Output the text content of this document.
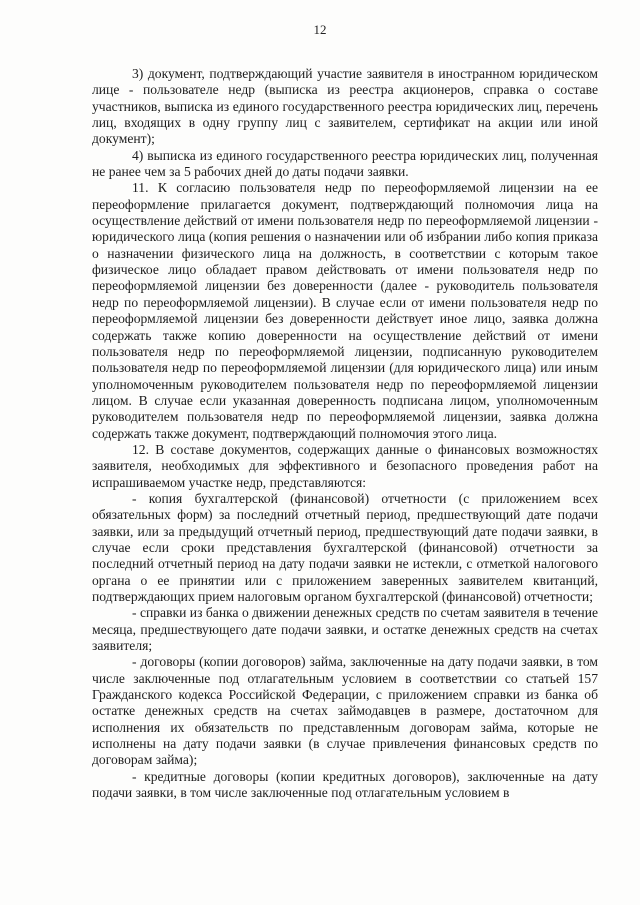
12

3) документ, подтверждающий участие заявителя в иностранном юридическом лице - пользователе недр (выписка из реестра акционеров, справка о составе участников, выписка из единого государственного реестра юридических лиц, перечень лиц, входящих в одну группу лиц с заявителем, сертификат на акции или иной документ);

4) выписка из единого государственного реестра юридических лиц, полученная не ранее чем за 5 рабочих дней до даты подачи заявки.

11. К согласию пользователя недр по переоформляемой лицензии на ее переоформление прилагается документ, подтверждающий полномочия лица на осуществление действий от имени пользователя недр по переоформляемой лицензии - юридического лица (копия решения о назначении или об избрании либо копия приказа о назначении физического лица на должность, в соответствии с которым такое физическое лицо обладает правом действовать от имени пользователя недр по переоформляемой лицензии без доверенности (далее - руководитель пользователя недр по переоформляемой лицензии). В случае если от имени пользователя недр по переоформляемой лицензии без доверенности действует иное лицо, заявка должна содержать также копию доверенности на осуществление действий от имени пользователя недр по переоформляемой лицензии, подписанную руководителем пользователя недр по переоформляемой лицензии (для юридического лица) или иным уполномоченным руководителем пользователя недр по переоформляемой лицензии лицом. В случае если указанная доверенность подписана лицом, уполномоченным руководителем пользователя недр по переоформляемой лицензии, заявка должна содержать также документ, подтверждающий полномочия этого лица.

12. В составе документов, содержащих данные о финансовых возможностях заявителя, необходимых для эффективного и безопасного проведения работ на испрашиваемом участке недр, представляются:

- копия бухгалтерской (финансовой) отчетности (с приложением всех обязательных форм) за последний отчетный период, предшествующий дате подачи заявки, или за предыдущий отчетный период, предшествующий дате подачи заявки, в случае если сроки представления бухгалтерской (финансовой) отчетности за последний отчетный период на дату подачи заявки не истекли, с отметкой налогового органа о ее принятии или с приложением заверенных заявителем квитанций, подтверждающих прием налоговым органом бухгалтерской (финансовой) отчетности;

- справки из банка о движении денежных средств по счетам заявителя в течение месяца, предшествующего дате подачи заявки, и остатке денежных средств на счетах заявителя;

- договоры (копии договоров) займа, заключенные на дату подачи заявки, в том числе заключенные под отлагательным условием в соответствии со статьей 157 Гражданского кодекса Российской Федерации, с приложением справки из банка об остатке денежных средств на счетах займодавцев в размере, достаточном для исполнения их обязательств по представленным договорам займа, которые не исполнены на дату подачи заявки (в случае привлечения финансовых средств по договорам займа);

- кредитные договоры (копии кредитных договоров), заключенные на дату подачи заявки, в том числе заключенные под отлагательным условием в
